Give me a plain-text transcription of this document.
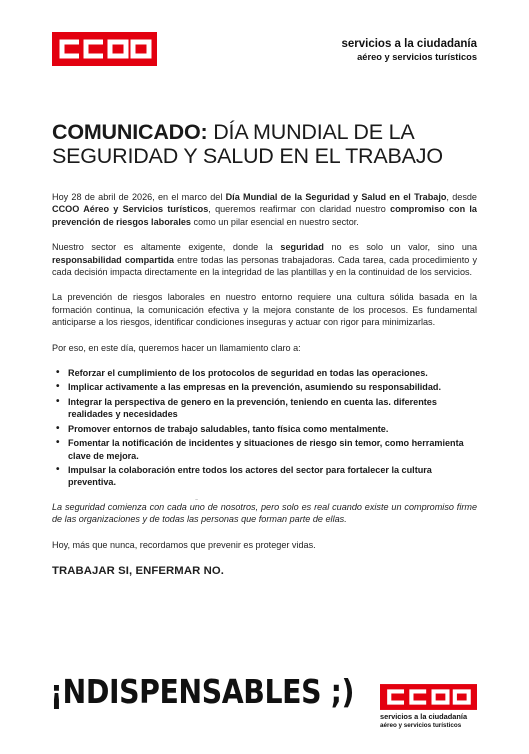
servicios a la ciudadanía
aéreo y servicios turísticos
COMUNICADO: DÍA MUNDIAL DE LA SEGURIDAD Y SALUD EN EL TRABAJO

Hoy 28 de abril de 2026, en el marco del Día Mundial de la Seguridad y Salud en el Trabajo, desde CCOO Aéreo y Servicios turísticos, queremos reafirmar con claridad nuestro compromiso con la prevención de riesgos laborales como un pilar esencial en nuestro sector.

Nuestro sector es altamente exigente, donde la seguridad no es solo un valor, sino una responsabilidad compartida entre todas las personas trabajadoras. Cada tarea, cada procedimiento y cada decisión impacta directamente en la integridad de las plantillas y en la continuidad de los servicios.

La prevención de riesgos laborales en nuestro entorno requiere una cultura sólida basada en la formación continua, la comunicación efectiva y la mejora constante de los procesos. Es fundamental anticiparse a los riesgos, identificar condiciones inseguras y actuar con rigor para minimizarlas.

Por eso, en este día, queremos hacer un llamamiento claro a:

• Reforzar el cumplimiento de los protocolos de seguridad en todas las operaciones.
• Implicar activamente a las empresas en la prevención, asumiendo su responsabilidad.
• Integrar la perspectiva de genero en la prevención, teniendo en cuenta las. diferentes realidades y necesidades
• Promover entornos de trabajo saludables, tanto física como mentalmente.
• Fomentar la notificación de incidentes y situaciones de riesgo sin temor, como herramienta clave de mejora.
• Impulsar la colaboración entre todos los actores del sector para fortalecer la cultura preventiva.

La seguridad comienza con cada uno de nosotros, pero solo es real cuando existe un compromiso firme de las organizaciones y de todas las personas que forman parte de ellas.

Hoy, más que nunca, recordamos que prevenir es proteger vidas.

TRABAJAR SI, ENFERMAR NO.
¡NDISPENSABLES ;)
CCOO
servicios a la ciudadanía
aéreo y servicios turísticos
